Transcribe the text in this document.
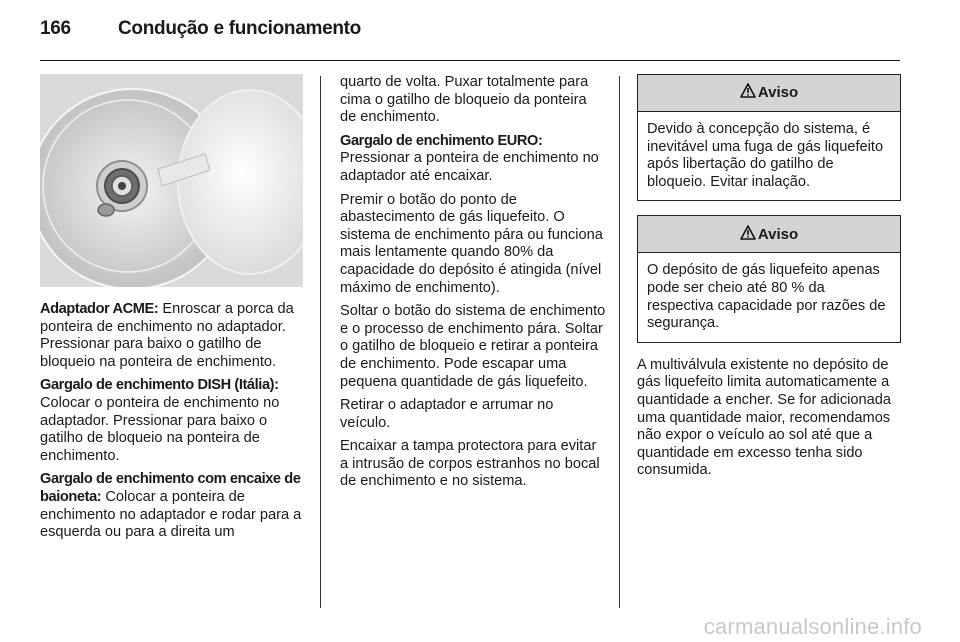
166 Condução e funcionamento

Adaptador ACME: Enroscar a porca da ponteira de enchimento no adaptador. Pressionar para baixo o gatilho de bloqueio na ponteira de enchimento.

Gargalo de enchimento DISH (Itália): Colocar o ponteira de enchimento no adaptador. Pressionar para baixo o gatilho de bloqueio na ponteira de enchimento.

Gargalo de enchimento com encaixe de baioneta: Colocar a ponteira de enchimento no adaptador e rodar para a esquerda ou para a direita um

quarto de volta. Puxar totalmente para cima o gatilho de bloqueio da ponteira de enchimento.

Gargalo de enchimento EURO:
Pressionar a ponteira de enchimento no adaptador até encaixar.

Premir o botão do ponto de abastecimento de gás liquefeito. O sistema de enchimento pára ou funciona mais lentamente quando 80% da capacidade do depósito é atingida (nível máximo de enchimento).

Soltar o botão do sistema de enchimento e o processo de enchimento pára. Soltar o gatilho de bloqueio e retirar a ponteira de enchimento. Pode escapar uma pequena quantidade de gás liquefeito.

Retirar o adaptador e arrumar no veículo.

Encaixar a tampa protectora para evitar a intrusão de corpos estranhos no bocal de enchimento e no sistema.

Aviso
Devido à concepção do sistema, é inevitável uma fuga de gás liquefeito após libertação do gatilho de bloqueio. Evitar inalação.
Aviso
O depósito de gás liquefeito apenas pode ser cheio até 80 % da respectiva capacidade por razões de segurança.

A multiválvula existente no depósito de gás liquefeito limita automaticamente a quantidade a encher. Se for adicionada uma quantidade maior, recomendamos não expor o veículo ao sol até que a quantidade em excesso tenha sido consumida.

carmanualsonline.info
